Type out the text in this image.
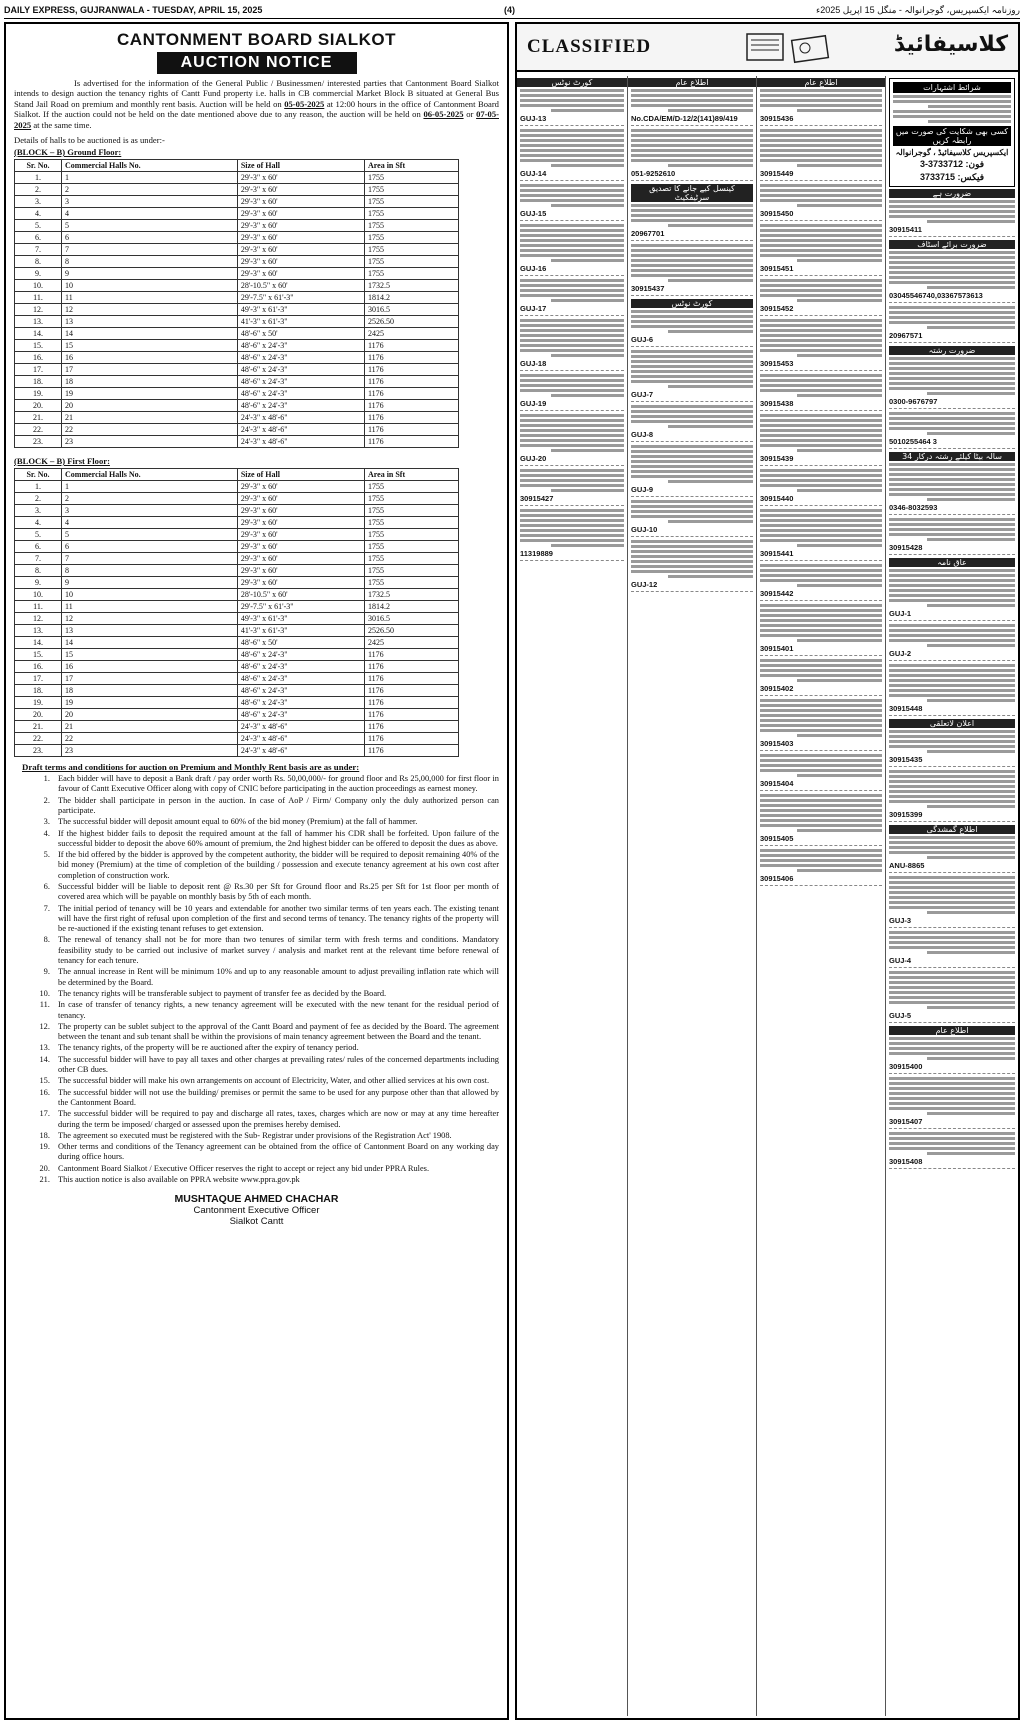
DAILY EXPRESS, GUJRANWALA - TUESDAY, APRIL 15, 2025	(4)	روزنامہ ایکسپریس، گوجرانوالہ - منگل 15 اپریل 2025ء
CANTONMENT BOARD SIALKOT
AUCTION NOTICE

Is advertised for the information of the General Public / Businessmen/ interested parties that Cantonment Board Sialkot intends to design auction the tenancy rights of Cantt Fund property i.e. halls in CB commercial Market Block B situated at General Bus Stand Jail Road on premium and monthly rent basis. Auction will be held on 05-05-2025 at 12:00 hours in the office of Cantonment Board Sialkot. If the auction could not be held on the date mentioned above due to any reason, the auction will be held on 06-05-2025 or 07-05-2025 at the same time.

Details of halls to be auctioned is as under:-
(BLOCK – B) Ground Floor:
Sr. No.	Commercial Halls No.	Size of Hall	Area in Sft
1.	1	29'-3" x 60'	1755
2.	2	29'-3" x 60'	1755
3.	3	29'-3" x 60'	1755
4.	4	29'-3" x 60'	1755
5.	5	29'-3" x 60'	1755
6.	6	29'-3" x 60'	1755
7.	7	29'-3" x 60'	1755
8.	8	29'-3" x 60'	1755
9.	9	29'-3" x 60'	1755
10.	10	28'-10.5" x 60'	1732.5
11.	11	29'-7.5" x 61'-3"	1814.2
12.	12	49'-3" x 61'-3"	3016.5
13.	13	41'-3" x 61'-3"	2526.50
14.	14	48'-6" x 50'	2425
15.	15	48'-6" x 24'-3"	1176
16.	16	48'-6" x 24'-3"	1176
17.	17	48'-6" x 24'-3"	1176
18.	18	48'-6" x 24'-3"	1176
19.	19	48'-6" x 24'-3"	1176
20.	20	48'-6" x 24'-3"	1176
21.	21	24'-3" x 48'-6"	1176
22.	22	24'-3" x 48'-6"	1176
23.	23	24'-3" x 48'-6"	1176
(BLOCK – B) First Floor:
Sr. No.	Commercial Halls No.	Size of Hall	Area in Sft
1.	1	29'-3" x 60'	1755
2.	2	29'-3" x 60'	1755
3.	3	29'-3" x 60'	1755
4.	4	29'-3" x 60'	1755
5.	5	29'-3" x 60'	1755
6.	6	29'-3" x 60'	1755
7.	7	29'-3" x 60'	1755
8.	8	29'-3" x 60'	1755
9.	9	29'-3" x 60'	1755
10.	10	28'-10.5" x 60'	1732.5
11.	11	29'-7.5" x 61'-3"	1814.2
12.	12	49'-3" x 61'-3"	3016.5
13.	13	41'-3" x 61'-3"	2526.50
14.	14	48'-6" x 50'	2425
15.	15	48'-6" x 24'-3"	1176
16.	16	48'-6" x 24'-3"	1176
17.	17	48'-6" x 24'-3"	1176
18.	18	48'-6" x 24'-3"	1176
19.	19	48'-6" x 24'-3"	1176
20.	20	48'-6" x 24'-3"	1176
21.	21	24'-3" x 48'-6"	1176
22.	22	24'-3" x 48'-6"	1176
23.	23	24'-3" x 48'-6"	1176
Draft terms and conditions for auction on Premium and Monthly Rent basis are as under:
1. Each bidder will have to deposit a Bank draft / pay order worth Rs. 50,00,000/- for ground floor and Rs 25,00,000 for first floor in favour of Cantt Executive Officer along with copy of CNIC before participating in the auction proceedings as earnest money.
2. The bidder shall participate in person in the auction. In case of AoP / Firm/ Company only the duly authorized person can participate.
3. The successful bidder will deposit amount equal to 60% of the bid money (Premium) at the fall of hammer.
4. If the highest bidder fails to deposit the required amount at the fall of hammer his CDR shall be forfeited. Upon failure of the successful bidder to deposit the above 60% amount of premium, the 2nd highest bidder can be offered to deposit the dues as above.
5. If the bid offered by the bidder is approved by the competent authority, the bidder will be required to deposit remaining 40% of the bid money (Premium) at the time of completion of the building / possession and execute tenancy agreement at his own cost after completion of construction work.
6. Successful bidder will be liable to deposit rent @ Rs.30 per Sft for Ground floor and Rs.25 per Sft for 1st floor per month of covered area which will be payable on monthly basis by 5th of each month.
7. The initial period of tenancy will be 10 years and extendable for another two similar terms of ten years each. The existing tenant will have the first right of refusal upon completion of the first and second terms of tenancy. The tenancy rights of the property will be re-auctioned if the existing tenant refuses to get extension.
8. The renewal of tenancy shall not be for more than two tenures of similar term with fresh terms and conditions. Mandatory feasibility study to be carried out inclusive of market survey / analysis and market rent at the relevant time before renewal of tenancy for each tenure.
9. The annual increase in Rent will be minimum 10% and up to any reasonable amount to adjust prevailing inflation rate which will be determined by the Board.
10. The tenancy rights will be transferable subject to payment of transfer fee as decided by the Board.
11. In case of transfer of tenancy rights, a new tenancy agreement will be executed with the new tenant for the residual period of tenancy.
12. The property can be sublet subject to the approval of the Cantt Board and payment of fee as decided by the Board. The agreement between the tenant and sub tenant shall be within the provisions of main tenancy agreement between the Board and the tenant.
13. The tenancy rights, of the property will be re auctioned after the expiry of tenancy period.
14. The successful bidder will have to pay all taxes and other charges at prevailing rates/ rules of the concerned departments including other CB dues.
15. The successful bidder will make his own arrangements on account of Electricity, Water, and other allied services at his own cost.
16. The successful bidder will not use the building/ premises or permit the same to be used for any purpose other than that allowed by the Cantonment Board.
17. The successful bidder will be required to pay and discharge all rates, taxes, charges which are now or may at any time hereafter during the term be imposed/ charged or assessed upon the premises hereby demised.
18. The agreement so executed must be registered with the Sub- Registrar under provisions of the Registration Act' 1908.
19. Other terms and conditions of the Tenancy agreement can be obtained from the office of Cantonment Board on any working day during office hours.
20. Cantonment Board Sialkot / Executive Officer reserves the right to accept or reject any bid under PPRA Rules.
21. This auction notice is also available on PPRA website www.ppra.gov.pk
MUSHTAQUE AHMED CHACHAR
Cantonment Executive Officer
Sialkot Cantt
CLASSIFIED	کلاسیفائیڈ
کورٹ نوٹس
GUJ-13
GUJ-14
GUJ-15
GUJ-16
GUJ-17
GUJ-18
GUJ-19
GUJ-20
30915427
11319889
اطلاع عام
No.CDA/EM/D-12/2(141)89/419
051-9252610
کینسل کیے جانے کا تصدیق سرٹیفکیٹ
20967701
30915437
کورٹ نوٹس
GUJ-6
GUJ-7
GUJ-8
GUJ-9
GUJ-10
GUJ-12
اطلاع عام
30915436
30915449
30915450
30915451
30915452
30915453
30915438
30915439
30915440
30915441
30915442
30915401
30915402
30915403
30915404
30915405
30915406
شرائط اشتہارات
کسی بھی شکایت کی صورت میں رابطہ کریں
ایکسپریس کلاسیفائیڈ ، گوجرانوالہ
فون: 3733712-3
فیکس: 3733715
ضرورت ہے
30915411
ضرورت برائے اسٹاف
03045546740,03367573613
20967571
ضرورت رشتہ
0300-9676797
5010255464 3
34 سالہ بیٹا کیلئے رشتہ درکار
0346-8032593
30915428
عاق نامہ
GUJ-1
GUJ-2
30915448
اعلان لاتعلقی
30915435
30915399
اطلاع گمشدگی
ANU-8865
GUJ-3
GUJ-4
GUJ-5
اطلاع عام
30915400
30915407
30915408
